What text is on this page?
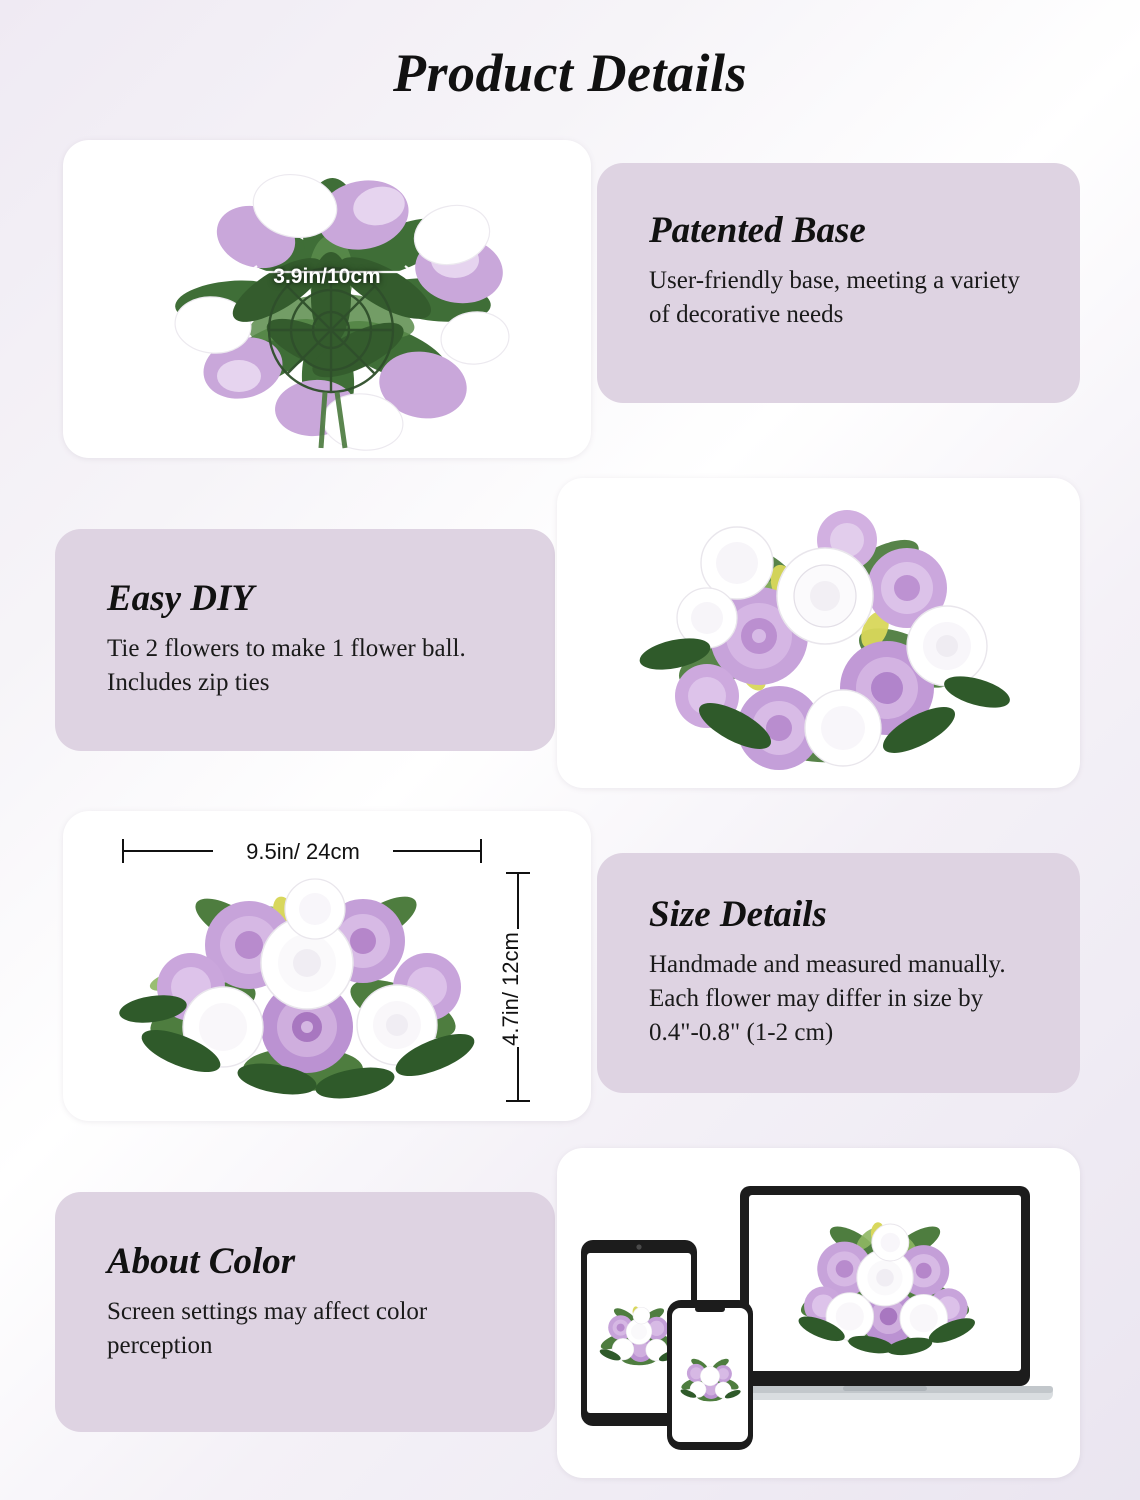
Product Details
Patented Base

User-friendly base, meeting a variety of decorative needs

3.9in/10cm
Easy DIY

Tie 2 flowers to make 1 flower ball. Includes zip ties

Size Details

Handmade and measured manually. Each flower may differ in size by 0.4"-0.8" (1-2 cm)

9.5in/ 24cm
4.7in/ 12cm
About Color

Screen settings may affect color perception
